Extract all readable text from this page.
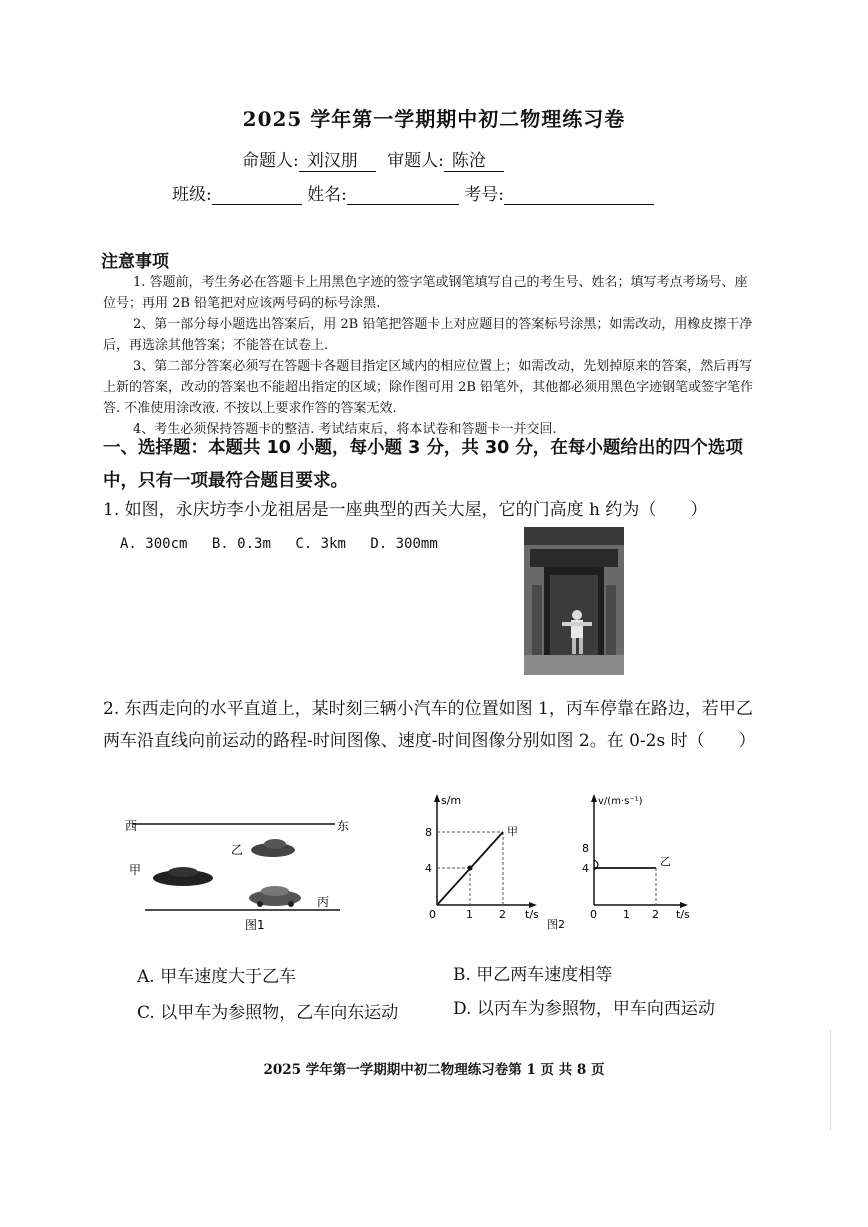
2025 学年第一学期期中初二物理练习卷
命题人: 刘汉朋 审题人: 陈沧
班级:	姓名:	考号:
注意事项

1. 答题前，考生务必在答题卡上用黑色字迹的签字笔或钢笔填写自己的考生号、姓名；填写考点考场号、座位号；再用 2B 铅笔把对应该两号码的标号涂黑.

2、第一部分每小题选出答案后，用 2B 铅笔把答题卡上对应题目的答案标号涂黑；如需改动，用橡皮擦干净后，再选涂其他答案；不能答在试卷上.

3、第二部分答案必须写在答题卡各题目指定区域内的相应位置上；如需改动，先划掉原来的答案，然后再写上新的答案，改动的答案也不能超出指定的区域；除作图可用 2B 铅笔外，其他都必须用黑色字迹钢笔或签字笔作答. 不准使用涂改液. 不按以上要求作答的答案无效.

4、考生必须保持答题卡的整洁. 考试结束后，将本试卷和答题卡一并交回.

一、选择题：本题共 10 小题，每小题 3 分，共 30 分，在每小题给出的四个选项中，只有一项最符合题目要求。
1. 如图，永庆坊李小龙祖居是一座典型的西关大屋，它的门高度 h 约为（　　）
A. 300cm B. 0.3m C. 3km D. 300mm
2. 东西走向的水平直道上，某时刻三辆小汽车的位置如图 1，丙车停靠在路边，若甲乙两车沿直线向前运动的路程-时间图像、速度-时间图像分别如图 2。在 0-2s 时（　　）
西	东
乙
甲
丙
图1
s/m
t/s
甲
8
4
0	1 2
图2
v/(m·s⁻¹)
t/s
乙
8
4
0 1 2
A. 甲车速度大于乙车	B. 甲乙两车速度相等
C. 以甲车为参照物，乙车向东运动	D. 以丙车为参照物，甲车向西运动
2025 学年第一学期期中初二物理练习卷第 1 页 共 8 页
